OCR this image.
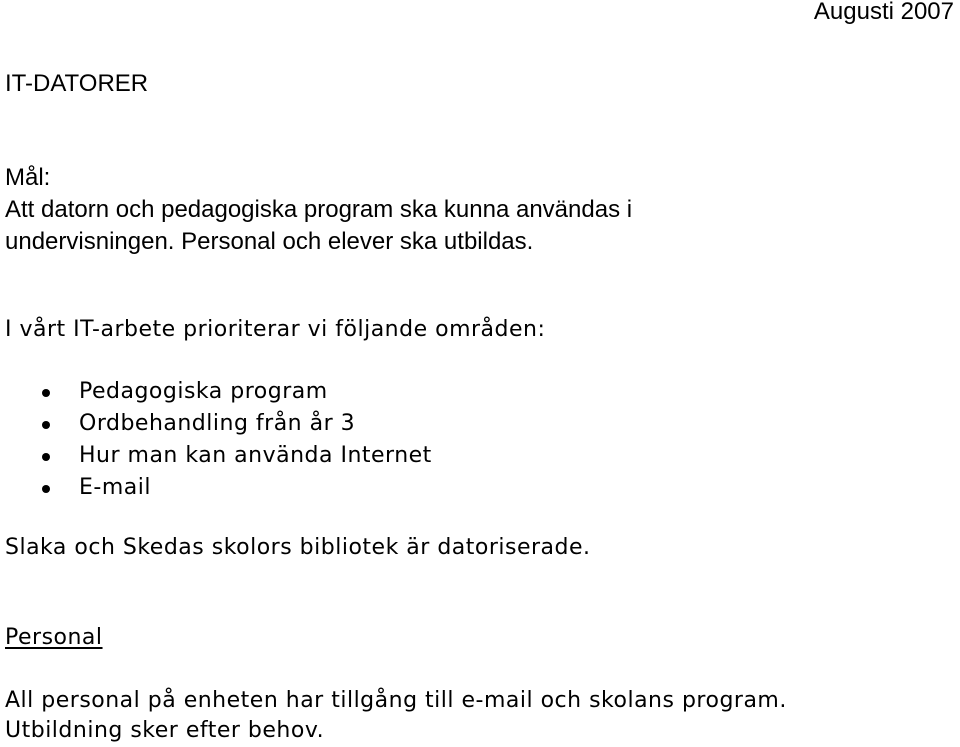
Augusti 2007
IT-DATORER
Mål:
Att datorn och pedagogiska program ska kunna användas i
undervisningen. Personal och elever ska utbildas.
I vårt IT-arbete prioriterar vi följande områden:
Pedagogiska program
Ordbehandling från år 3
Hur man kan använda Internet
E-mail
Slaka och Skedas skolors bibliotek är datoriserade.
Personal
All personal på enheten har tillgång till e-mail och skolans program.
Utbildning sker efter behov.
